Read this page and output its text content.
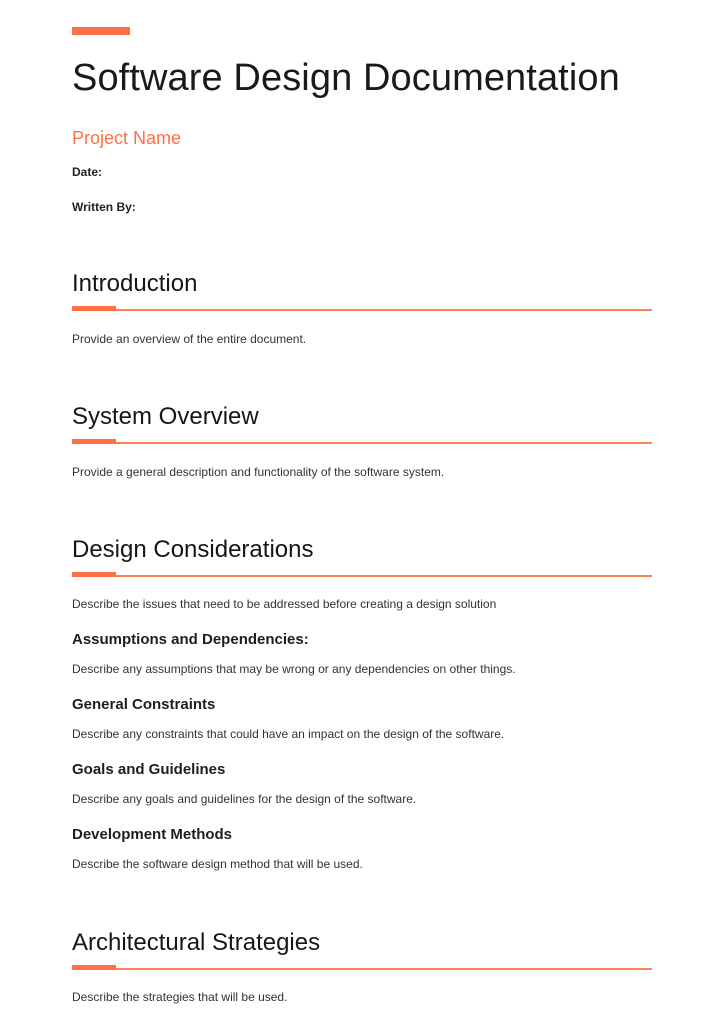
Software Design Documentation
Project Name
Date:
Written By:
Introduction

Provide an overview of the entire document.

System Overview

Provide a general description and functionality of the software system.

Design Considerations

Describe the issues that need to be addressed before creating a design solution

Assumptions and Dependencies:

Describe any assumptions that may be wrong or any dependencies on other things.

General Constraints

Describe any constraints that could have an impact on the design of the software.

Goals and Guidelines

Describe any goals and guidelines for the design of the software.

Development Methods

Describe the software design method that will be used.

Architectural Strategies

Describe the strategies that will be used.
